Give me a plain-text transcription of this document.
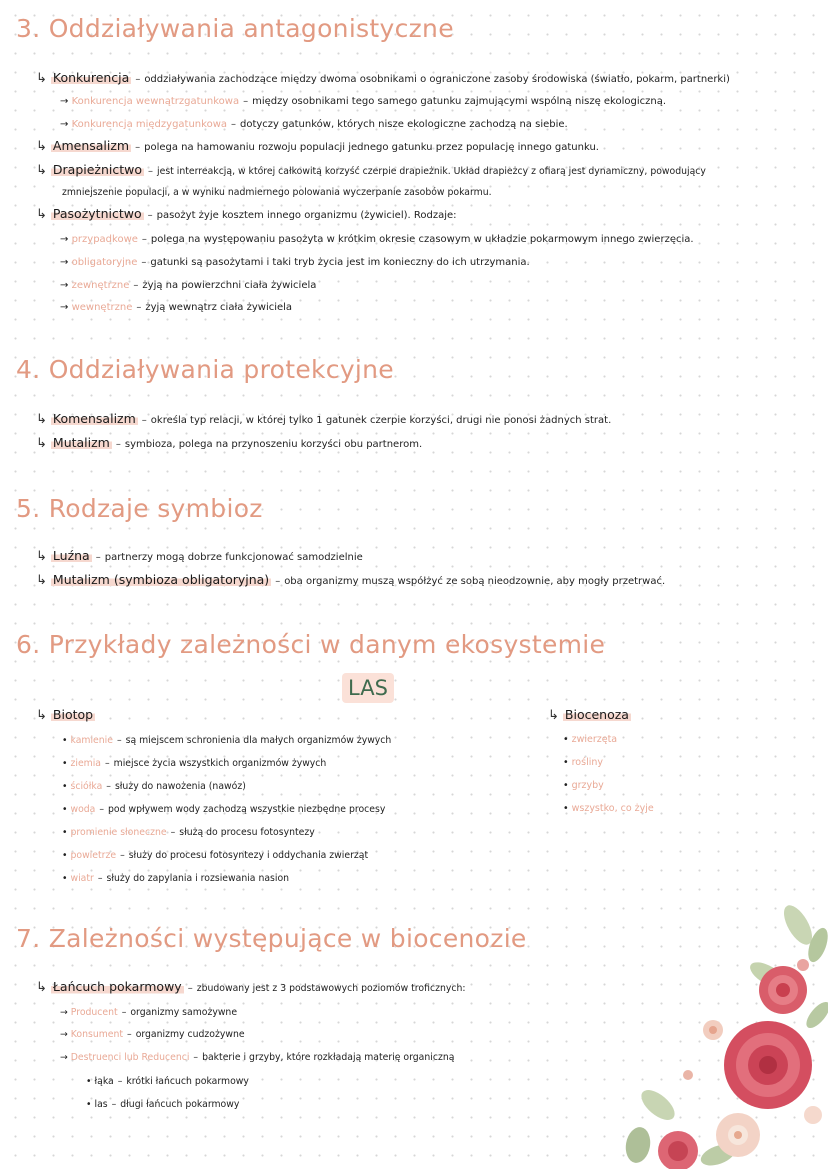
3. Oddziaływania antagonistyczne
↳ Konkurencja – oddziaływania zachodzące między dwoma osobnikami o ograniczone zasoby środowiska (światło, pokarm, partnerki)
→ Konkurencja wewnątrzgatunkowa – między osobnikami tego samego gatunku zajmującymi wspólną niszę ekologiczną.
→ Konkurencja międzygatunkowa – dotyczy gatunków, których nisze ekologiczne zachodzą na siebie.
↳ Amensalizm – polega na hamowaniu rozwoju populacji jednego gatunku przez populację innego gatunku.
↳ Drapieżnictwo – jest interreakcją, w której całkowitą korzyść czerpie drapieżnik. Układ drapieżcy z ofiarą jest dynamiczny, powodujący
zmniejszenie populacji, a w wyniku nadmiernego polowania wyczerpanie zasobów pokarmu.
↳ Pasożytnictwo – pasożyt żyje kosztem innego organizmu (żywiciel). Rodzaje:
→ przypadkowe – polega na występowaniu pasożyta w krótkim okresie czasowym w układzie pokarmowym innego zwierzęcia.
→ obligatoryjne – gatunki są pasożytami i taki tryb życia jest im konieczny do ich utrzymania.
→ zewnętrzne – żyją na powierzchni ciała żywiciela
→ wewnętrzne – żyją wewnątrz ciała żywiciela
4. Oddziaływania protekcyjne
↳ Komensalizm – określa typ relacji, w której tylko 1 gatunek czerpie korzyści, drugi nie ponosi żadnych strat.
↳ Mutalizm – symbioza, polega na przynoszeniu korzyści obu partnerom.
5. Rodzaje symbioz
↳ Luźna – partnerzy mogą dobrze funkcjonować samodzielnie
↳ Mutalizm (symbioza obligatoryjna) – oba organizmy muszą współżyć ze sobą nieodzownie, aby mogły przetrwać.
6. Przykłady zależności w danym ekosystemie
LAS
↳ Biotop
• kamienie – są miejscem schronienia dla małych organizmów żywych
• ziemia – miejsce życia wszystkich organizmów żywych
• ściółka – służy do nawożenia (nawóz)
• woda – pod wpływem wody zachodzą wszystkie niezbędne procesy
• promienie słoneczne – służą do procesu fotosyntezy
• powietrze – służy do procesu fotosyntezy i oddychania zwierząt
• wiatr – służy do zapylania i rozsiewania nasion
↳ Biocenoza
• zwierzęta
• rośliny
• grzyby
• wszystko, co żyje
7. Zależności występujące w biocenozie
↳ Łańcuch pokarmowy – zbudowany jest z 3 podstawowych poziomów troficznych:
→ Producent – organizmy samożywne
→ Konsument – organizmy cudzożywne
→ Destruenci lub Reducenci – bakterie i grzyby, które rozkładają materię organiczną
• łąka – krótki łańcuch pokarmowy
• las – długi łańcuch pokarmowy
